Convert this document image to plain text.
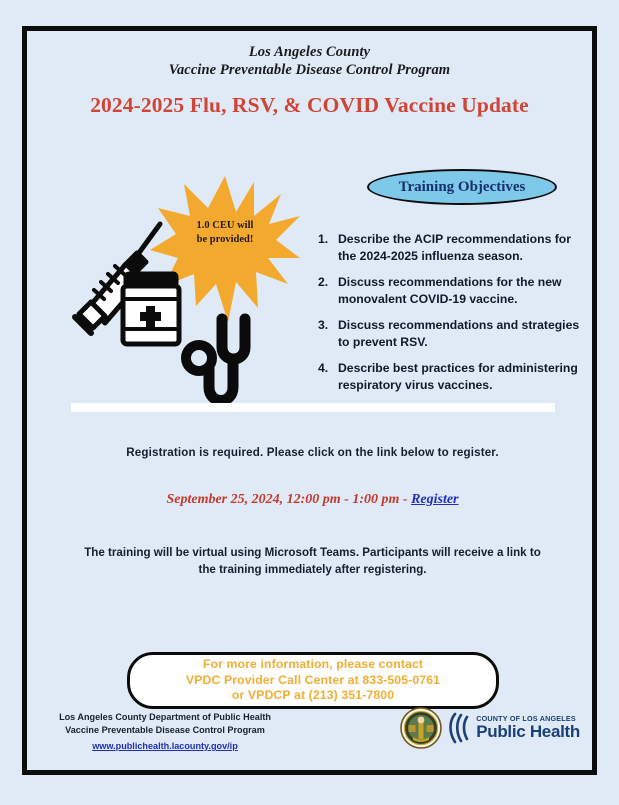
Los Angeles County
Vaccine Preventable Disease Control Program
2024-2025 Flu, RSV, & COVID Vaccine Update
Training Objectives
1. Describe the ACIP recommendations for the 2024-2025 influenza season.
2. Discuss recommendations for the new monovalent COVID-19 vaccine.
3. Discuss recommendations and strategies to prevent RSV.
4. Describe best practices for administering respiratory virus vaccines.
1.0 CEU will
be provided!
Registration is required. Please click on the link below to register.
September 25, 2024, 12:00 pm - 1:00 pm - Register
The training will be virtual using Microsoft Teams. Participants will receive a link to the training immediately after registering.
For more information, please contact
VPDC Provider Call Center at 833-505-0761
or VPDCP at (213) 351-7800
Los Angeles County Department of Public Health
Vaccine Preventable Disease Control Program
www.publichealth.lacounty.gov/ip
COUNTY OF LOS ANGELES
Public Health
